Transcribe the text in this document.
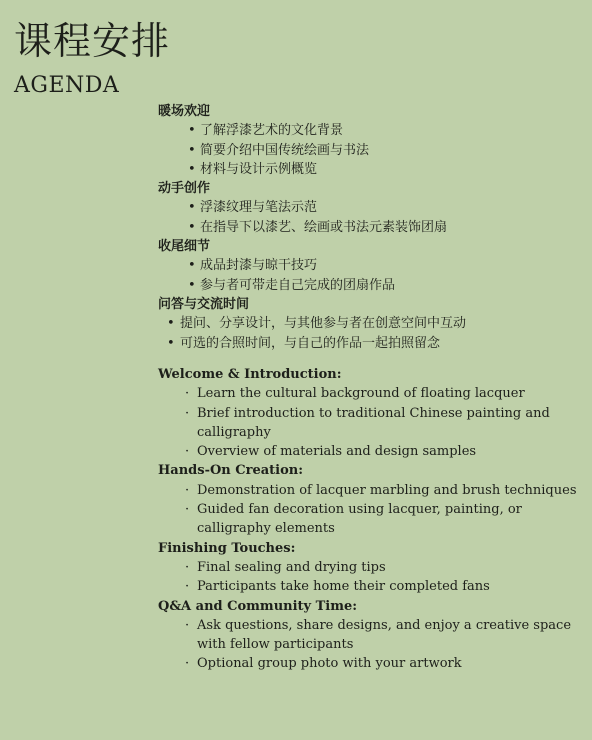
课程安排
AGENDA

暖场欢迎

• 了解浮漆艺术的文化背景
• 简要介绍中国传统绘画与书法
• 材料与设计示例概览

动手创作

• 浮漆纹理与笔法示范
• 在指导下以漆艺、绘画或书法元素装饰团扇

收尾细节

• 成品封漆与晾干技巧
• 参与者可带走自己完成的团扇作品

问答与交流时间

• 提问、分享设计，与其他参与者在创意空间中互动
• 可选的合照时间，与自己的作品一起拍照留念

Welcome & Introduction:

· Learn the cultural background of floating lacquer
· Brief introduction to traditional Chinese painting and calligraphy
· Overview of materials and design samples

Hands-On Creation:

· Demonstration of lacquer marbling and brush techniques
· Guided fan decoration using lacquer, painting, or calligraphy elements

Finishing Touches:

· Final sealing and drying tips
· Participants take home their completed fans

Q&A and Community Time:

· Ask questions, share designs, and enjoy a creative space with fellow participants
· Optional group photo with your artwork
